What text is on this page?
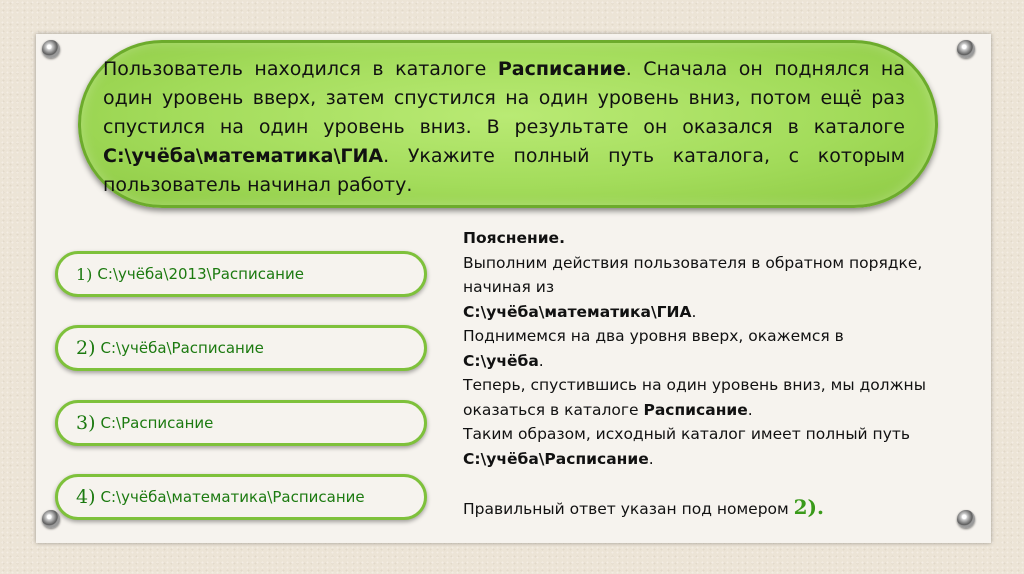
Пользователь находился в каталоге Расписание. Сначала он поднялся на один уровень вверх, затем спустился на один уровень вниз, потом ещё раз спустился на один уровень вниз. В результате он оказался в каталоге С:\учёба\математика\ГИА. Укажите полный путь каталога, с которым пользователь начинал работу.
1) С:\учёба\2013\Расписание
2) С:\учёба\Расписание
3) С:\Расписание
4) С:\учёба\математика\Расписание
Пояснение.
Выполним действия пользователя в обратном порядке,
начиная из
С:\учёба\математика\ГИА.
Поднимемся на два уровня вверх, окажемся в
С:\учёба.
Теперь, спустившись на один уровень вниз, мы должны
оказаться в каталоге Расписание.
Таким образом, исходный каталог имеет полный путь
С:\учёба\Расписание.
Правильный ответ указан под номером 2).
